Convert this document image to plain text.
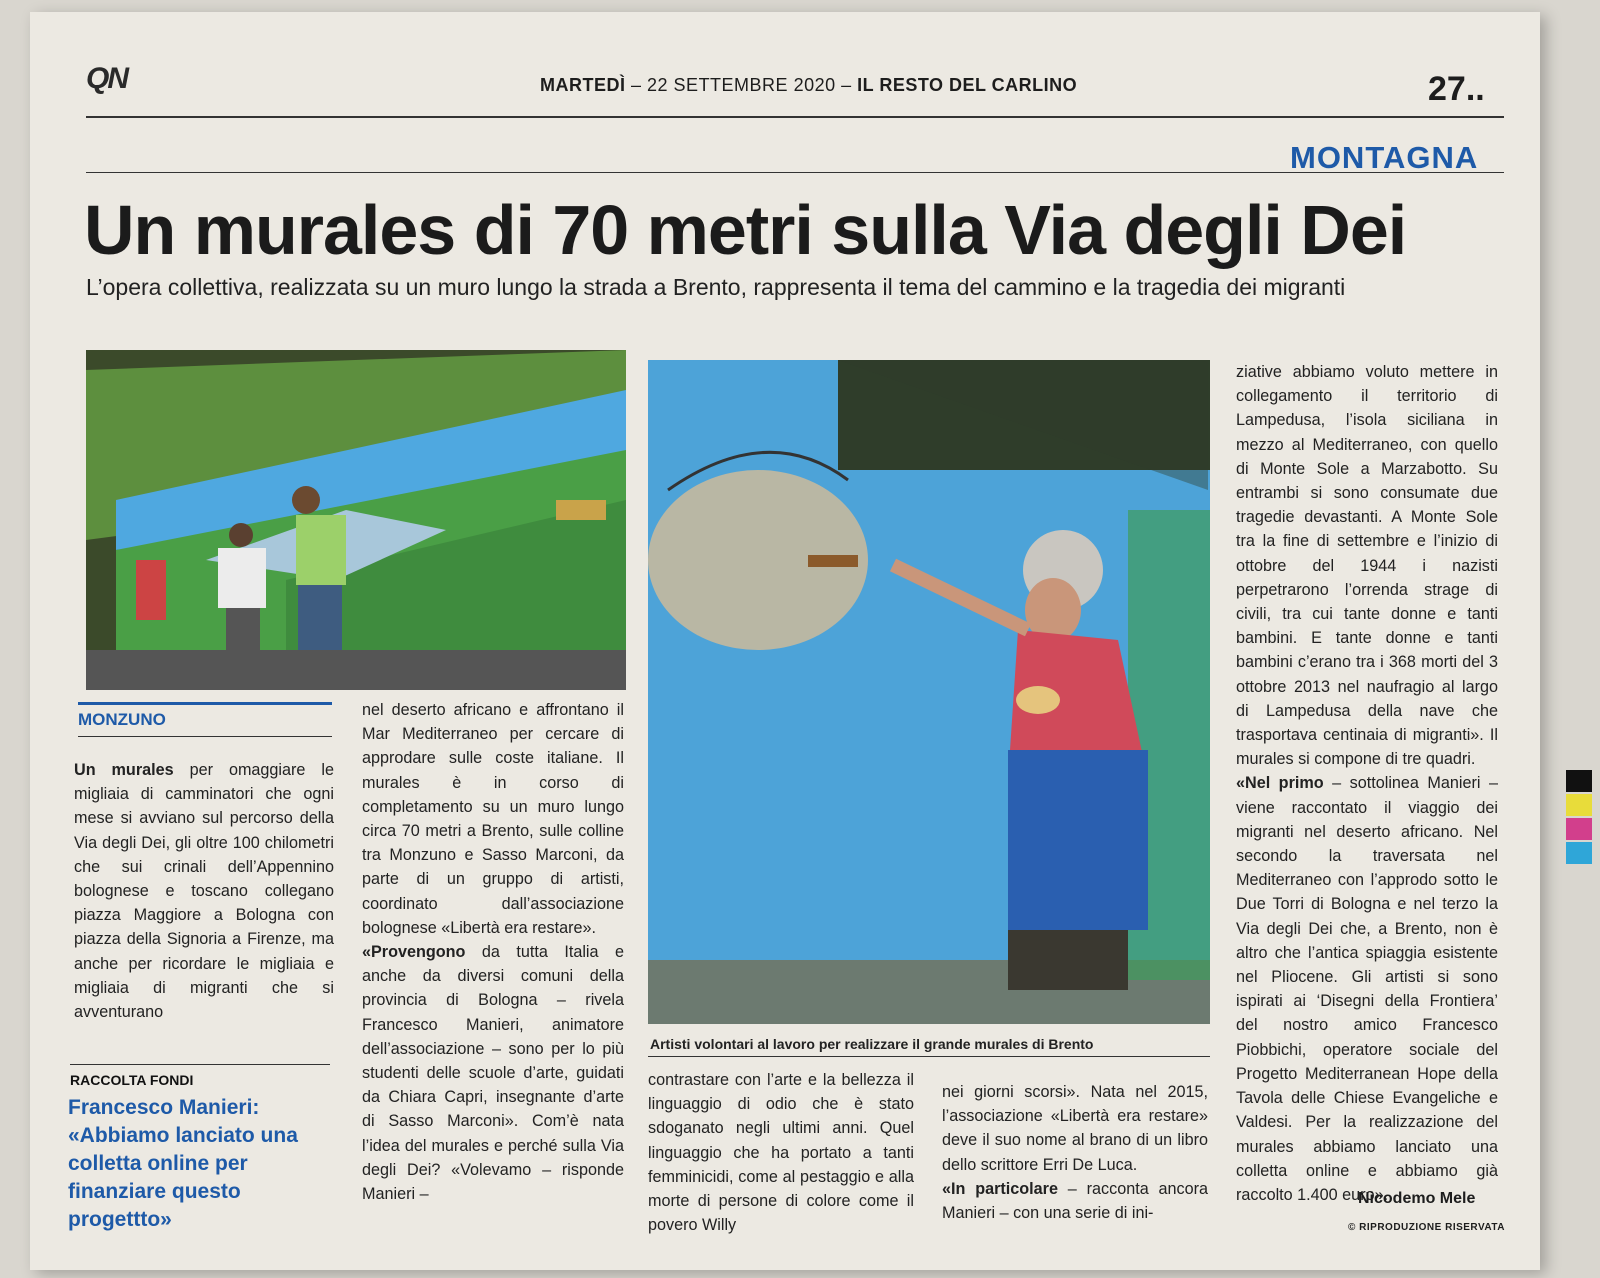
QN	MARTEDÌ – 22 SETTEMBRE 2020 – IL RESTO DEL CARLINO	27..
MONTAGNA
Un murales di 70 metri sulla Via degli Dei
L’opera collettiva, realizzata su un muro lungo la strada a Brento, rappresenta il tema del cammino e la tragedia dei migranti
Artisti volontari al lavoro per realizzare il grande murales di Brento
MONZUNO

Un murales per omaggiare le migliaia di camminatori che ogni mese si avviano sul percorso della Via degli Dei, gli oltre 100 chilometri che sui crinali dell’Appennino bolognese e toscano collegano piazza Maggiore a Bologna con piazza della Signoria a Firenze, ma anche per ricordare le migliaia e migliaia di migranti che si avventurano

RACCOLTA FONDI
Francesco Manieri: «Abbiamo lanciato una colletta online per finanziare questo progettto»

nel deserto africano e affrontano il Mar Mediterraneo per cercare di approdare sulle coste italiane. Il murales è in corso di completamento su un muro lungo circa 70 metri a Brento, sulle colline tra Monzuno e Sasso Marconi, da parte di un gruppo di artisti, coordinato dall’associazione bolognese «Libertà era restare».

«Provengono da tutta Italia e anche da diversi comuni della provincia di Bologna – rivela Francesco Manieri, animatore dell’associazione – sono per lo più studenti delle scuole d’arte, guidati da Chiara Capri, insegnante d’arte di Sasso Marconi». Com’è nata l’idea del murales e perché sulla Via degli Dei? «Volevamo – risponde Manieri –

contrastare con l’arte e la bellezza il linguaggio di odio che è stato sdoganato negli ultimi anni. Quel linguaggio che ha portato a tanti femminicidi, come al pestaggio e alla morte di persone di colore come il povero Willy

nei giorni scorsi». Nata nel 2015, l’associazione «Libertà era restare» deve il suo nome al brano di un libro dello scrittore Erri De Luca.

«In particolare – racconta ancora Manieri – con una serie di ini-

ziative abbiamo voluto mettere in collegamento il territorio di Lampedusa, l’isola siciliana in mezzo al Mediterraneo, con quello di Monte Sole a Marzabotto. Su entrambi si sono consumate due tragedie devastanti. A Monte Sole tra la fine di settembre e l’inizio di ottobre del 1944 i nazisti perpetrarono l’orrenda strage di civili, tra cui tante donne e tanti bambini. E tante donne e tanti bambini c’erano tra i 368 morti del 3 ottobre 2013 nel naufragio al largo di Lampedusa della nave che trasportava centinaia di migranti». Il murales si compone di tre quadri.

«Nel primo – sottolinea Manieri – viene raccontato il viaggio dei migranti nel deserto africano. Nel secondo la traversata nel Mediterraneo con l’approdo sotto le Due Torri di Bologna e nel terzo la Via degli Dei che, a Brento, non è altro che l’antica spiaggia esistente nel Pliocene. Gli artisti si sono ispirati ai ‘Disegni della Frontiera’ del nostro amico Francesco Piobbichi, operatore sociale del Progetto Mediterranean Hope della Tavola delle Chiese Evangeliche e Valdesi. Per la realizzazione del murales abbiamo lanciato una colletta online e abbiamo già raccolto 1.400 euro».

Nicodemo Mele
© RIPRODUZIONE RISERVATA
